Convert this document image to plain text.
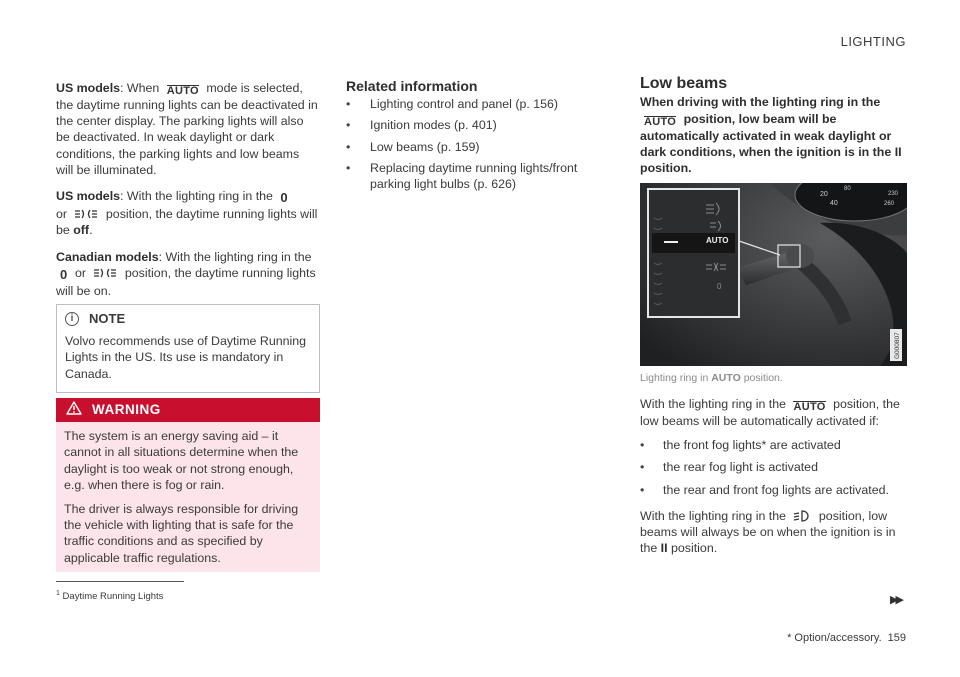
LIGHTING

US models: When AUTO mode is selected, the daytime running lights can be deactivated in the center display. The parking lights will also be deactivated. In weak daylight or dark conditions, the parking lights and low beams will be illuminated.

US models: With the lighting ring in the 0
or	position, the daytime running lights will be off.

Canadian models: With the lighting ring in the 0 or	position, the daytime running lights will be on.

i	NOTE
Volvo recommends use of Daytime Running Lights in the US. Its use is mandatory in Canada.
WARNING

The system is an energy saving aid – it cannot in all situations determine when the daylight is too weak or not strong enough, e.g. when there is fog or rain.

The driver is always responsible for driving the vehicle with lighting that is safe for the traffic conditions and as specified by applicable traffic regulations.

Related information
•	Lighting control and panel (p. 156)
•	Ignition modes (p. 401)
•	Low beams (p. 159)
•	Replacing daytime running lights/front parking light bulbs (p. 626)
Low beams
When driving with the lighting ring in the AUTO position, low beam will be automatically activated in weak daylight or dark conditions, when the ignition is in the II position.
20
40
80
230
260
AUTO
0
G000807
Lighting ring in AUTO position.

With the lighting ring in the AUTO position, the low beams will be automatically activated if:

•	the front fog lights* are activated
•	the rear fog light is activated
•	the rear and front fog lights are activated.

With the lighting ring in the
position, low beams will always be on when the ignition is in the II position.

$^1$ Daytime Running Lights	▶▶
* Option/accessory. 159
